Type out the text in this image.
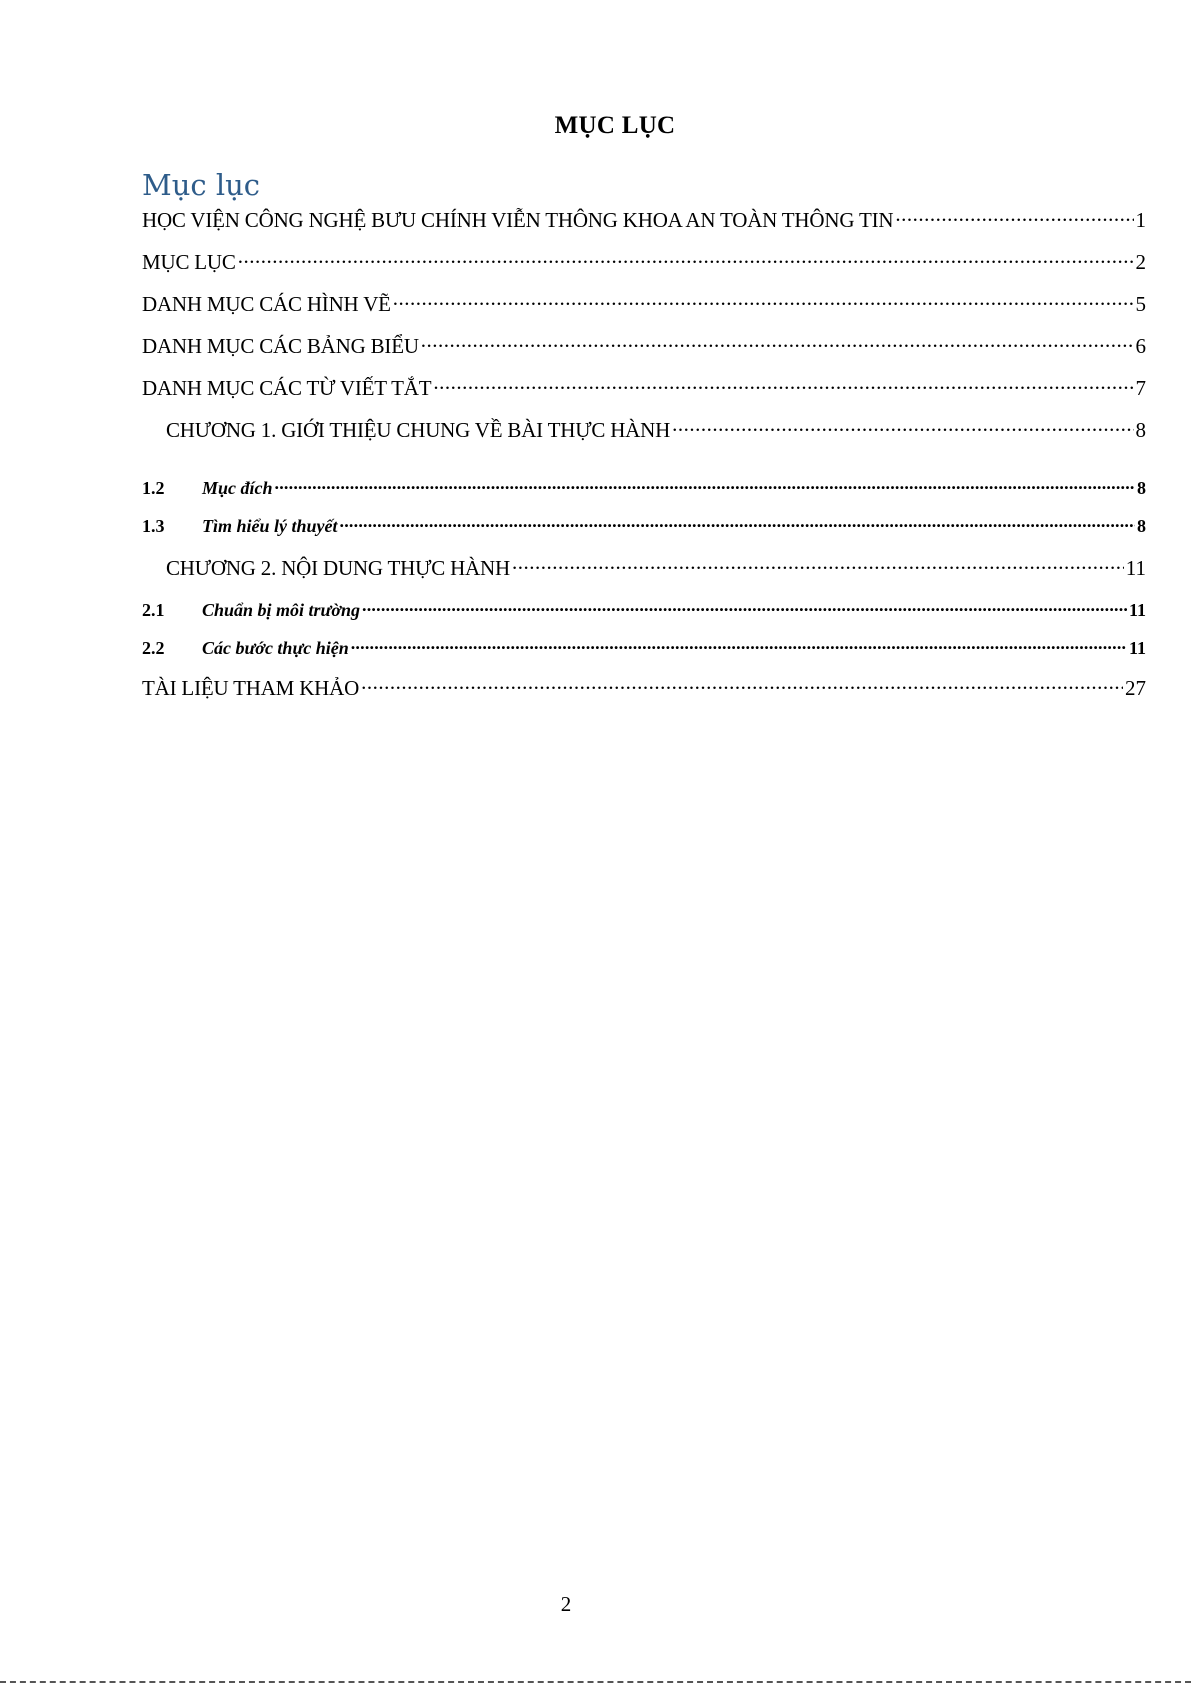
MỤC LỤC
Mục lục
HỌC VIỆN CÔNG NGHỆ BƯU CHÍNH VIỄN THÔNG KHOA AN TOÀN THÔNG TIN .....	1
MỤC LỤC .....	2
DANH MỤC CÁC HÌNH VẼ .....	5
DANH MỤC CÁC BẢNG BIỂU .....	6
DANH MỤC CÁC TỪ VIẾT TẮT .....	7
CHƯƠNG 1. GIỚI THIỆU CHUNG VỀ BÀI THỰC HÀNH .....	8
1.2	Mục đích .....	8
1.3	Tìm hiểu lý thuyết .....	8
CHƯƠNG 2. NỘI DUNG THỰC HÀNH .....	11
2.1	Chuẩn bị môi trường .....	11
2.2	Các bước thực hiện .....	11
TÀI LIỆU THAM KHẢO .....	27
2
